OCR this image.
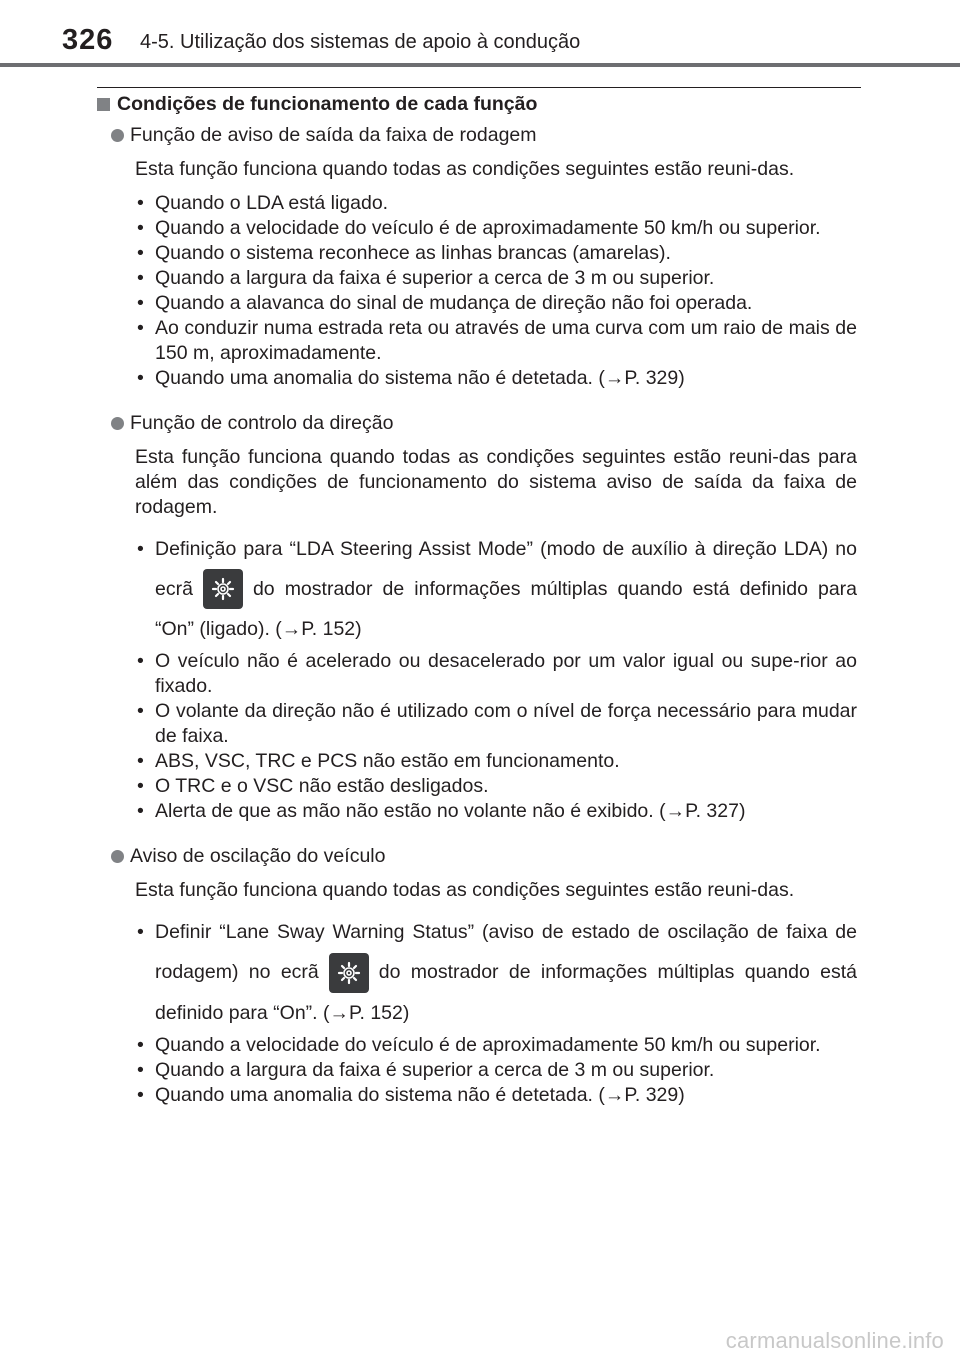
326 4-5. Utilização dos sistemas de apoio à condução
Condições de funcionamento de cada função
Função de aviso de saída da faixa de rodagem
Esta função funciona quando todas as condições seguintes estão reuni-das.
• Quando o LDA está ligado.
• Quando a velocidade do veículo é de aproximadamente 50 km/h ou superior.
• Quando o sistema reconhece as linhas brancas (amarelas).
• Quando a largura da faixa é superior a cerca de 3 m ou superior.
• Quando a alavanca do sinal de mudança de direção não foi operada.
• Ao conduzir numa estrada reta ou através de uma curva com um raio de mais de 150 m, aproximadamente.
• Quando uma anomalia do sistema não é detetada. (→P. 329)
Função de controlo da direção
Esta função funciona quando todas as condições seguintes estão reuni-das para além das condições de funcionamento do sistema aviso de saída da faixa de rodagem.
• Definição para “LDA Steering Assist Mode” (modo de auxílio à direção LDA) no ecrã	do mostrador de informações múltiplas quando está definido para “On” (ligado). (→P. 152)
• O veículo não é acelerado ou desacelerado por um valor igual ou supe-rior ao fixado.
• O volante da direção não é utilizado com o nível de força necessário para mudar de faixa.
• ABS, VSC, TRC e PCS não estão em funcionamento.
• O TRC e o VSC não estão desligados.
• Alerta de que as mão não estão no volante não é exibido. (→P. 327)
Aviso de oscilação do veículo
Esta função funciona quando todas as condições seguintes estão reuni-das.
• Definir “Lane Sway Warning Status” (aviso de estado de oscilação de faixa de rodagem) no ecrã	do mostrador de informações múltiplas quando está definido para “On”. (→P. 152)
• Quando a velocidade do veículo é de aproximadamente 50 km/h ou superior.
• Quando a largura da faixa é superior a cerca de 3 m ou superior.
• Quando uma anomalia do sistema não é detetada. (→P. 329)
carmanualsonline.info
